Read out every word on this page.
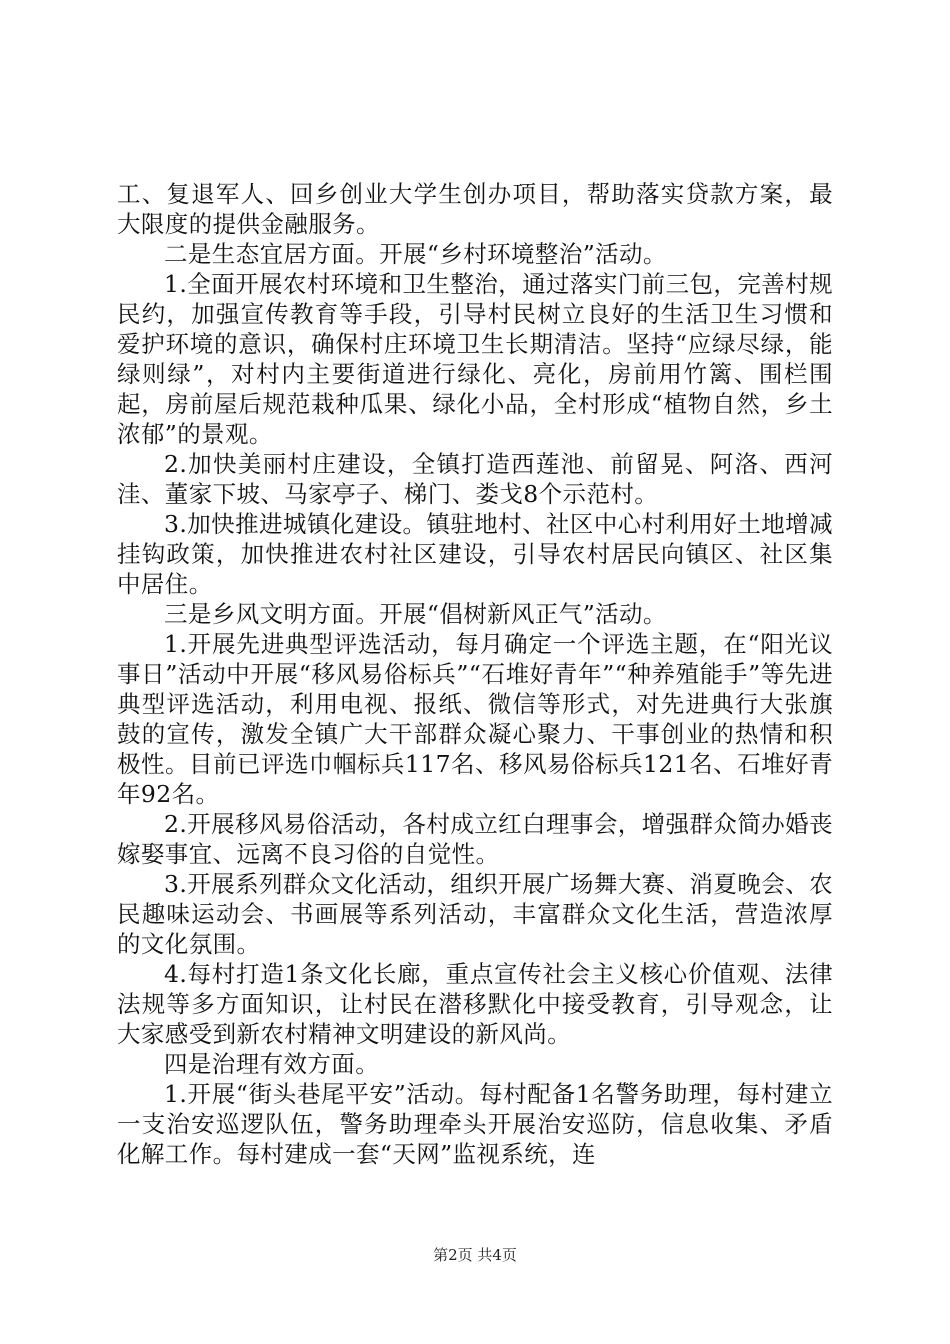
工、复退军人、回乡创业大学生创办项目，帮助落实贷款方案，最大限度的提供金融服务。

二是生态宜居方面。开展“乡村环境整治”活动。

1.全面开展农村环境和卫生整治，通过落实门前三包，完善村规民约，加强宣传教育等手段，引导村民树立良好的生活卫生习惯和爱护环境的意识，确保村庄环境卫生长期清洁。坚持“应绿尽绿，能绿则绿”，对村内主要街道进行绿化、亮化，房前用竹篱、围栏围起，房前屋后规范栽种瓜果、绿化小品，全村形成“植物自然，乡土浓郁”的景观。

2.加快美丽村庄建设，全镇打造西莲池、前留晃、阿洛、西河洼、董家下坡、马家亭子、梯门、娄戈8个示范村。

3.加快推进城镇化建设。镇驻地村、社区中心村利用好土地增减挂钩政策，加快推进农村社区建设，引导农村居民向镇区、社区集中居住。

三是乡风文明方面。开展“倡树新风正气”活动。

1.开展先进典型评选活动，每月确定一个评选主题，在“阳光议事日”活动中开展“移风易俗标兵”“石堆好青年”“种养殖能手”等先进典型评选活动，利用电视、报纸、微信等形式，对先进典行大张旗鼓的宣传，激发全镇广大干部群众凝心聚力、干事创业的热情和积极性。目前已评选巾帼标兵117名、移风易俗标兵121名、石堆好青年92名。

2.开展移风易俗活动，各村成立红白理事会，增强群众简办婚丧嫁娶事宜、远离不良习俗的自觉性。

3.开展系列群众文化活动，组织开展广场舞大赛、消夏晚会、农民趣味运动会、书画展等系列活动，丰富群众文化生活，营造浓厚的文化氛围。

4.每村打造1条文化长廊，重点宣传社会主义核心价值观、法律法规等多方面知识，让村民在潜移默化中接受教育，引导观念，让大家感受到新农村精神文明建设的新风尚。

四是治理有效方面。

1.开展“街头巷尾平安”活动。每村配备1名警务助理，每村建立一支治安巡逻队伍，警务助理牵头开展治安巡防，信息收集、矛盾化解工作。每村建成一套“天网”监视系统，连

第2页 共4页
